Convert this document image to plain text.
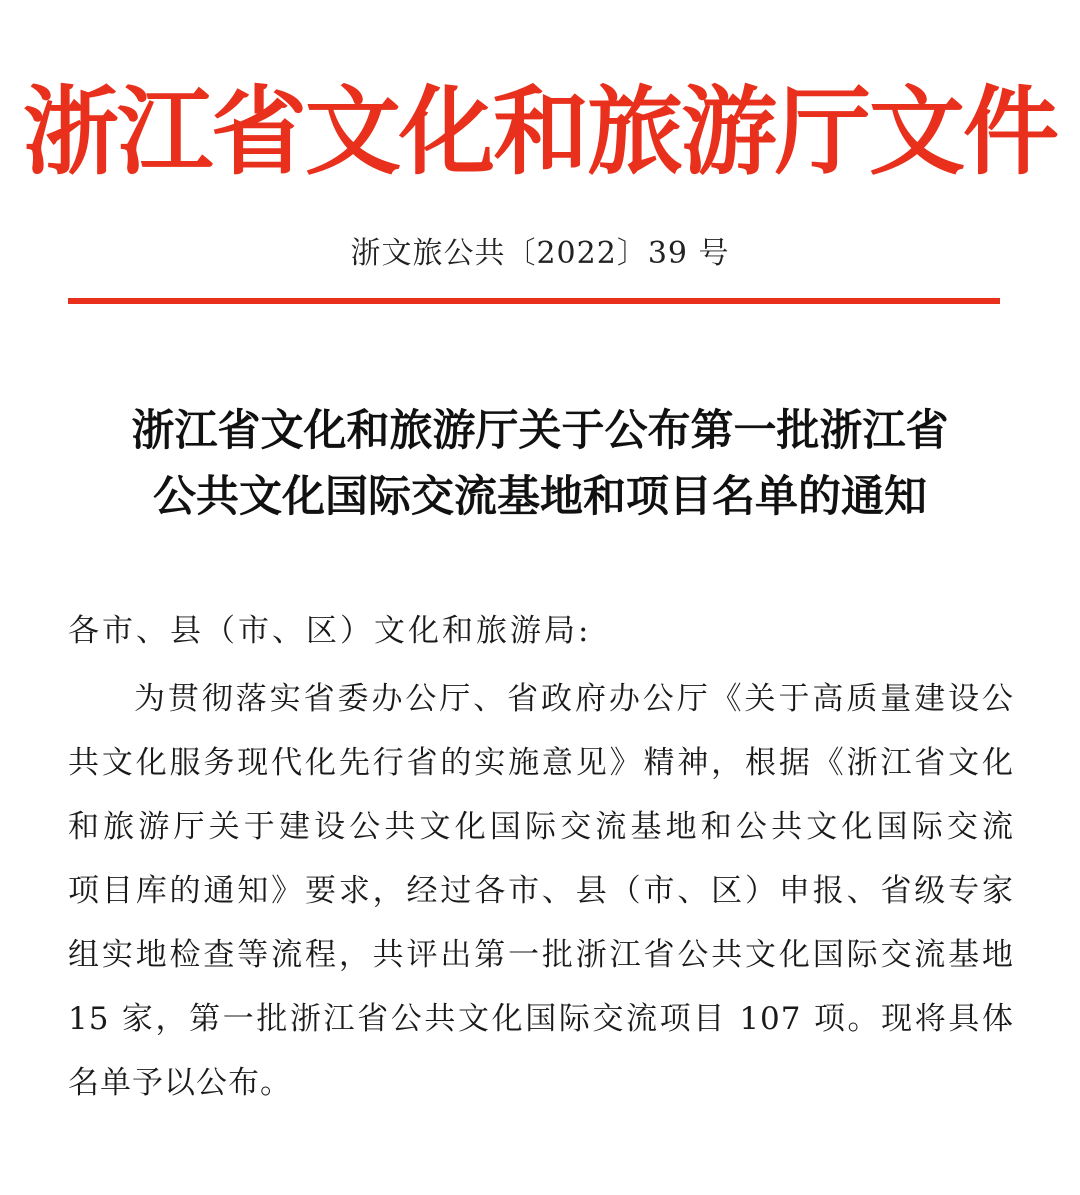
浙江省文化和旅游厅文件
浙文旅公共〔2022〕39 号
浙江省文化和旅游厅关于公布第一批浙江省
公共文化国际交流基地和项目名单的通知
各市、县（市、区）文化和旅游局:
为贯彻落实省委办公厅、省政府办公厅《关于高质量建设公
共文化服务现代化先行省的实施意见》精神，根据《浙江省文化
和旅游厅关于建设公共文化国际交流基地和公共文化国际交流
项目库的通知》要求，经过各市、县（市、区）申报、省级专家
组实地检查等流程，共评出第一批浙江省公共文化国际交流基地
15 家，第一批浙江省公共文化国际交流项目 107 项。现将具体
名单予以公布。
